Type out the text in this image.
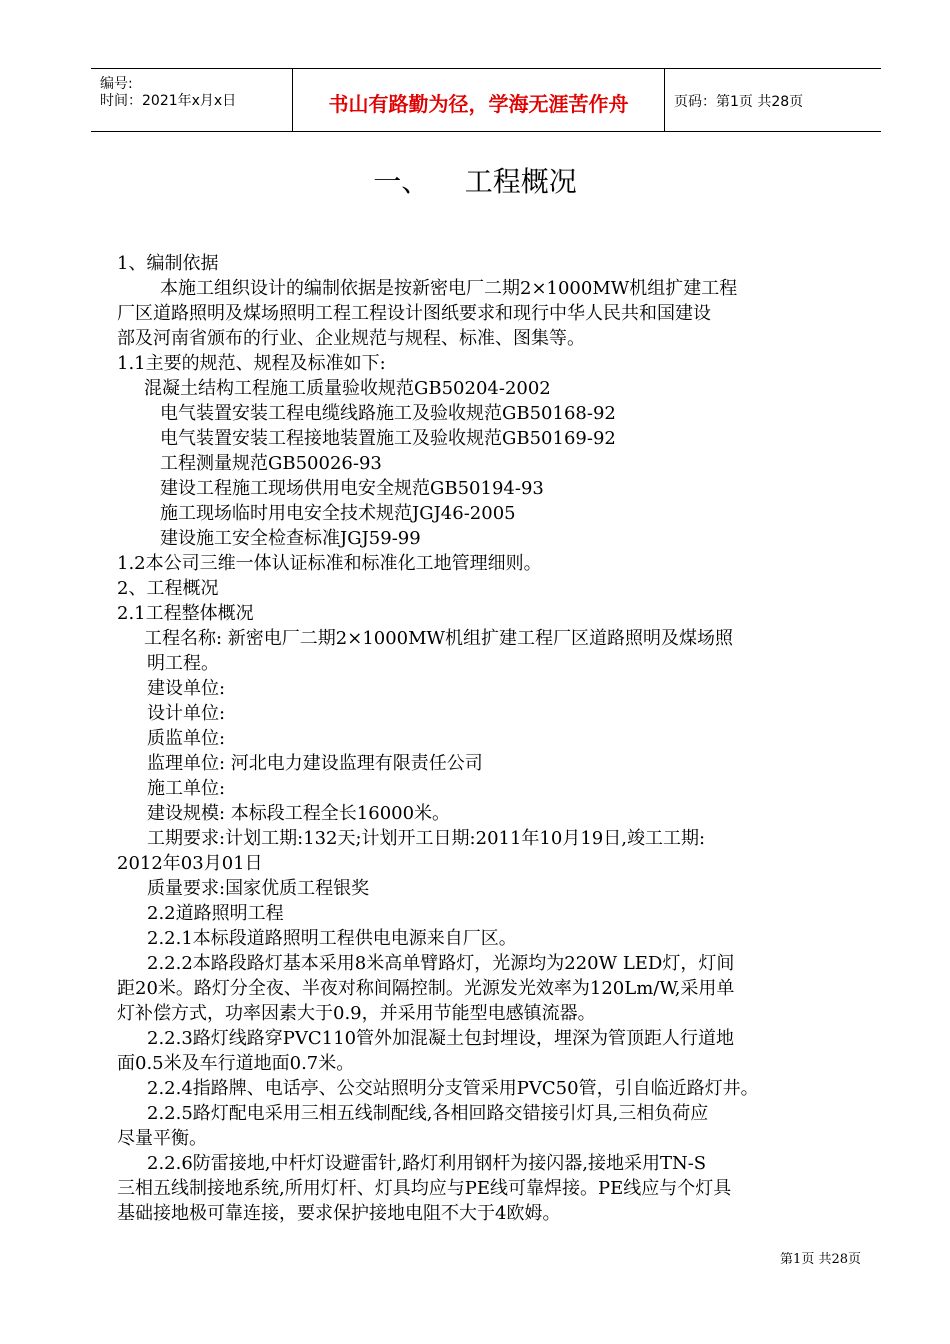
编号:
时间：2021年x月x日	书山有路勤为径，学海无涯苦作舟	页码：第1页 共28页
一、    工程概况
1、编制依据
本施工组织设计的编制依据是按新密电厂二期2×1000MW机组扩建工程
厂区道路照明及煤场照明工程工程设计图纸要求和现行中华人民共和国建设
部及河南省颁布的行业、企业规范与规程、标准、图集等。
1.1主要的规范、规程及标准如下:
混凝土结构工程施工质量验收规范GB50204-2002
电气装置安装工程电缆线路施工及验收规范GB50168-92
电气装置安装工程接地装置施工及验收规范GB50169-92
工程测量规范GB50026-93
建设工程施工现场供用电安全规范GB50194-93
施工现场临时用电安全技术规范JGJ46-2005
建设施工安全检查标准JGJ59-99
1.2本公司三维一体认证标准和标准化工地管理细则。
2、工程概况
2.1工程整体概况
工程名称: 新密电厂二期2×1000MW机组扩建工程厂区道路照明及煤场照
明工程。
建设单位:
设计单位:
质监单位:
监理单位: 河北电力建设监理有限责任公司
施工单位:
建设规模: 本标段工程全长16000米。
工期要求:计划工期:132天;计划开工日期:2011年10月19日,竣工工期:
2012年03月01日
质量要求:国家优质工程银奖
2.2道路照明工程
2.2.1本标段道路照明工程供电电源来自厂区。
2.2.2本路段路灯基本采用8米高单臂路灯，光源均为220W LED灯，灯间
距20米。路灯分全夜、半夜对称间隔控制。光源发光效率为120Lm/W,采用单
灯补偿方式，功率因素大于0.9，并采用节能型电感镇流器。
2.2.3路灯线路穿PVC110管外加混凝土包封埋设，埋深为管顶距人行道地
面0.5米及车行道地面0.7米。
2.2.4指路牌、电话亭、公交站照明分支管采用PVC50管，引自临近路灯井。
2.2.5路灯配电采用三相五线制配线,各相回路交错接引灯具,三相负荷应
尽量平衡。
2.2.6防雷接地,中杆灯设避雷针,路灯利用钢杆为接闪器,接地采用TN-S
三相五线制接地系统,所用灯杆、灯具均应与PE线可靠焊接。PE线应与个灯具
基础接地极可靠连接，要求保护接地电阻不大于4欧姆。
第1页 共28页
